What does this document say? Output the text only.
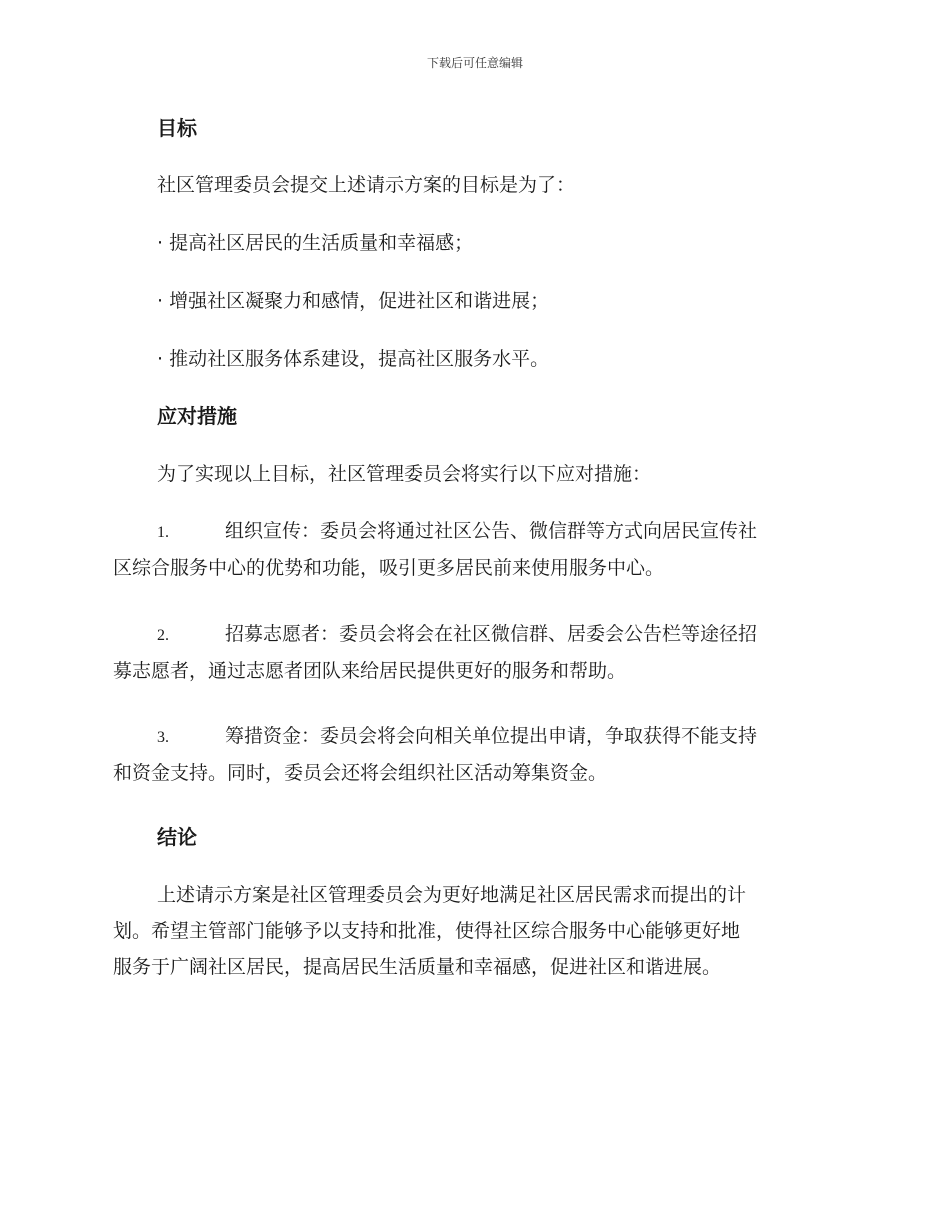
下载后可任意编辑
目标
社区管理委员会提交上述请示方案的目标是为了：
· 提高社区居民的生活质量和幸福感；
· 增强社区凝聚力和感情，促进社区和谐进展；
· 推动社区服务体系建设，提高社区服务水平。
应对措施
为了实现以上目标，社区管理委员会将实行以下应对措施：
1.	组织宣传：委员会将通过社区公告、微信群等方式向居民宣传社
区综合服务中心的优势和功能，吸引更多居民前来使用服务中心。
2.	招募志愿者：委员会将会在社区微信群、居委会公告栏等途径招
募志愿者，通过志愿者团队来给居民提供更好的服务和帮助。
3.	筹措资金：委员会将会向相关单位提出申请，争取获得不能支持
和资金支持。同时，委员会还将会组织社区活动筹集资金。
结论
上述请示方案是社区管理委员会为更好地满足社区居民需求而提出的计
划。希望主管部门能够予以支持和批准，使得社区综合服务中心能够更好地
服务于广阔社区居民，提高居民生活质量和幸福感，促进社区和谐进展。
